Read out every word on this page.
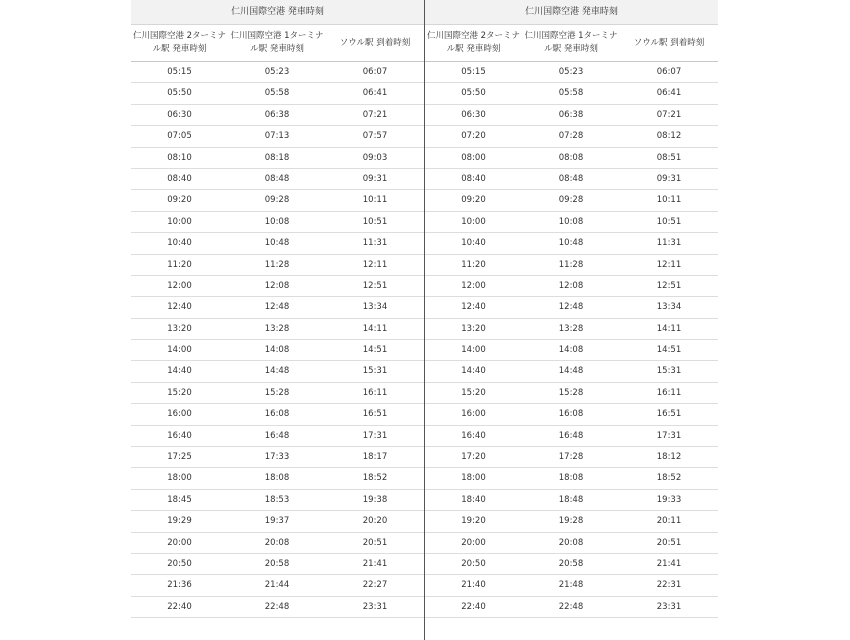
仁川国際空港 発車時刻
仁川国際空港 2ターミナル駅 発車時刻
仁川国際空港 1ターミナル駅 発車時刻
ソウル駅 到着時刻
05:15	05:23	06:07
05:50	05:58	06:41
06:30	06:38	07:21
07:05	07:13	07:57
08:10	08:18	09:03
08:40	08:48	09:31
09:20	09:28	10:11
10:00	10:08	10:51
10:40	10:48	11:31
11:20	11:28	12:11
12:00	12:08	12:51
12:40	12:48	13:34
13:20	13:28	14:11
14:00	14:08	14:51
14:40	14:48	15:31
15:20	15:28	16:11
16:00	16:08	16:51
16:40	16:48	17:31
17:25	17:33	18:17
18:00	18:08	18:52
18:45	18:53	19:38
19:29	19:37	20:20
20:00	20:08	20:51
20:50	20:58	21:41
21:36	21:44	22:27
22:40	22:48	23:31
仁川国際空港 発車時刻
仁川国際空港 2ターミナル駅 発車時刻
仁川国際空港 1ターミナル駅 発車時刻
ソウル駅 到着時刻
05:15	05:23	06:07
05:50	05:58	06:41
06:30	06:38	07:21
07:20	07:28	08:12
08:00	08:08	08:51
08:40	08:48	09:31
09:20	09:28	10:11
10:00	10:08	10:51
10:40	10:48	11:31
11:20	11:28	12:11
12:00	12:08	12:51
12:40	12:48	13:34
13:20	13:28	14:11
14:00	14:08	14:51
14:40	14:48	15:31
15:20	15:28	16:11
16:00	16:08	16:51
16:40	16:48	17:31
17:20	17:28	18:12
18:00	18:08	18:52
18:40	18:48	19:33
19:20	19:28	20:11
20:00	20:08	20:51
20:50	20:58	21:41
21:40	21:48	22:31
22:40	22:48	23:31
